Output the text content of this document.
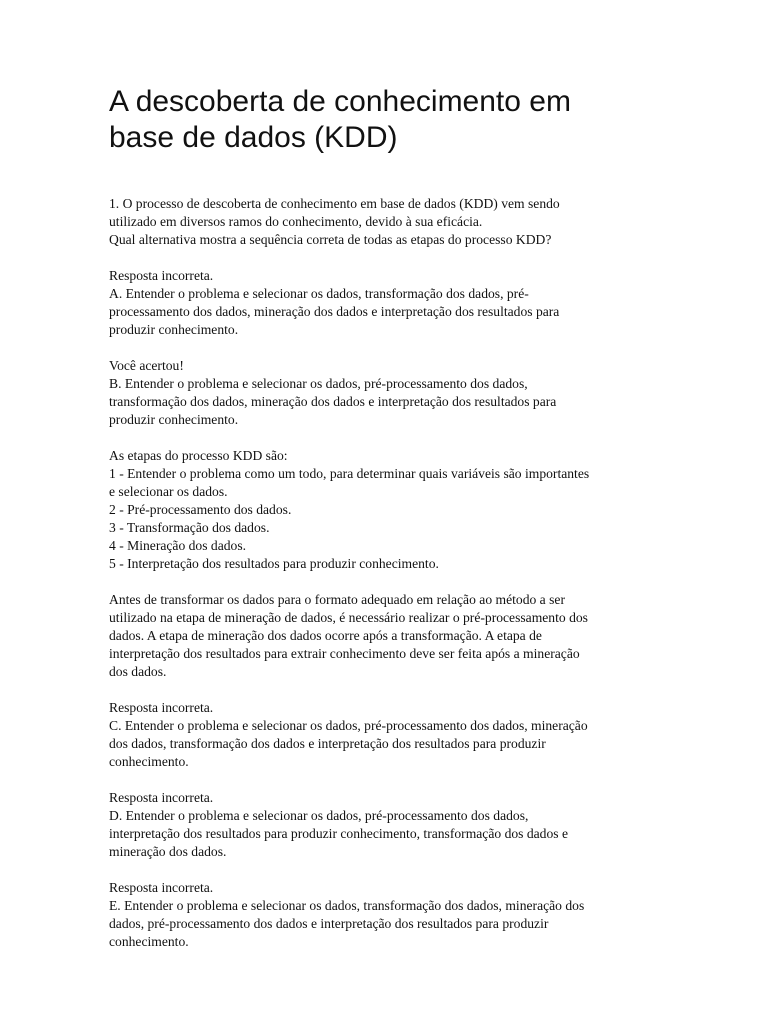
A descoberta de conhecimento em
base de dados (KDD)
1. O processo de descoberta de conhecimento em base de dados (KDD) vem sendo
utilizado em diversos ramos do conhecimento, devido à sua eficácia.
Qual alternativa mostra a sequência correta de todas as etapas do processo KDD?
Resposta incorreta.
A. Entender o problema e selecionar os dados, transformação dos dados, pré-
processamento dos dados, mineração dos dados e interpretação dos resultados para
produzir conhecimento.
Você acertou!
B. Entender o problema e selecionar os dados, pré-processamento dos dados,
transformação dos dados, mineração dos dados e interpretação dos resultados para
produzir conhecimento.
As etapas do processo KDD são:
1 - Entender o problema como um todo, para determinar quais variáveis são importantes
e selecionar os dados.
2 - Pré-processamento dos dados.
3 - Transformação dos dados.
4 - Mineração dos dados.
5 - Interpretação dos resultados para produzir conhecimento.
Antes de transformar os dados para o formato adequado em relação ao método a ser
utilizado na etapa de mineração de dados, é necessário realizar o pré-processamento dos
dados. A etapa de mineração dos dados ocorre após a transformação. A etapa de
interpretação dos resultados para extrair conhecimento deve ser feita após a mineração
dos dados.
Resposta incorreta.
C. Entender o problema e selecionar os dados, pré-processamento dos dados, mineração
dos dados, transformação dos dados e interpretação dos resultados para produzir
conhecimento.
Resposta incorreta.
D. Entender o problema e selecionar os dados, pré-processamento dos dados,
interpretação dos resultados para produzir conhecimento, transformação dos dados e
mineração dos dados.
Resposta incorreta.
E. Entender o problema e selecionar os dados, transformação dos dados, mineração dos
dados, pré-processamento dos dados e interpretação dos resultados para produzir
conhecimento.
